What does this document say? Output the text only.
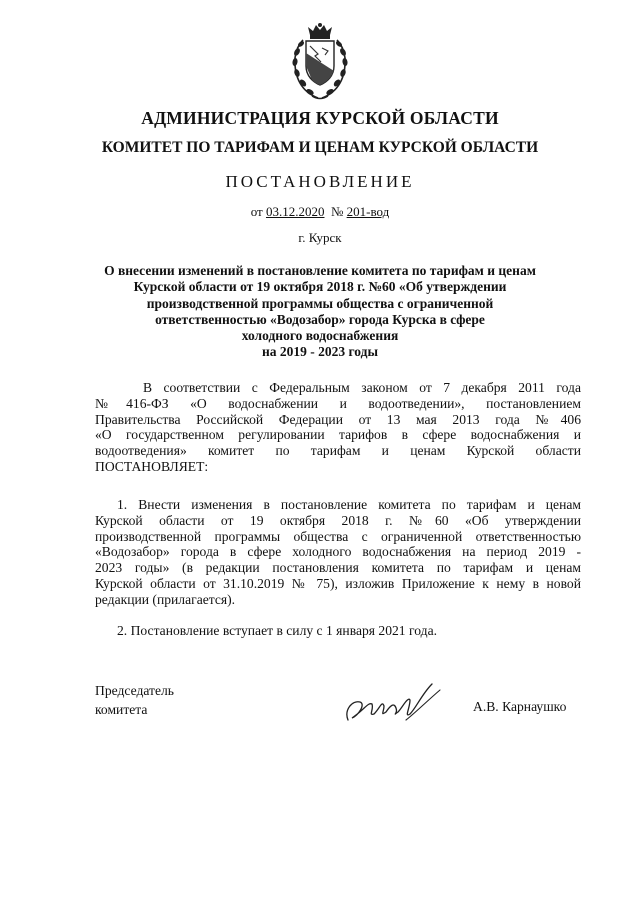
АДМИНИСТРАЦИЯ КУРСКОЙ ОБЛАСТИ
КОМИТЕТ ПО ТАРИФАМ И ЦЕНАМ КУРСКОЙ ОБЛАСТИ
ПОСТАНОВЛЕНИЕ
от 03.12.2020 № 201-вод
г. Курск
О внесении изменений в постановление комитета по тарифам и ценам
Курской области от 19 октября 2018 г. №60 «Об утверждении
производственной программы общества с ограниченной
ответственностью «Водозабор» города Курска в сфере
холодного водоснабжения
на 2019 - 2023 годы
В соответствии с Федеральным законом от 7 декабря 2011 года
№416-ФЗ «О водоснабжении и водоотведении», постановлением
Правительства Российской Федерации от 13 мая 2013 года №406
«О государственном регулировании тарифов в сфере водоснабжения и
водоотведения» комитет по тарифам и ценам Курской области
ПОСТАНОВЛЯЕТ:
1. Внести изменения в постановление комитета по тарифам и ценам
Курской области от 19 октября 2018 г. №60 «Об утверждении
производственной программы общества с ограниченной ответственностью
«Водозабор» города в сфере холодного водоснабжения на период 2019 -
2023 годы» (в редакции постановления комитета по тарифам и ценам
Курской области от 31.10.2019 № 75), изложив Приложение к нему в новой
редакции (прилагается).
2. Постановление вступает в силу с 1 января 2021 года.
Председатель
комитета	А.В. Карнаушко
